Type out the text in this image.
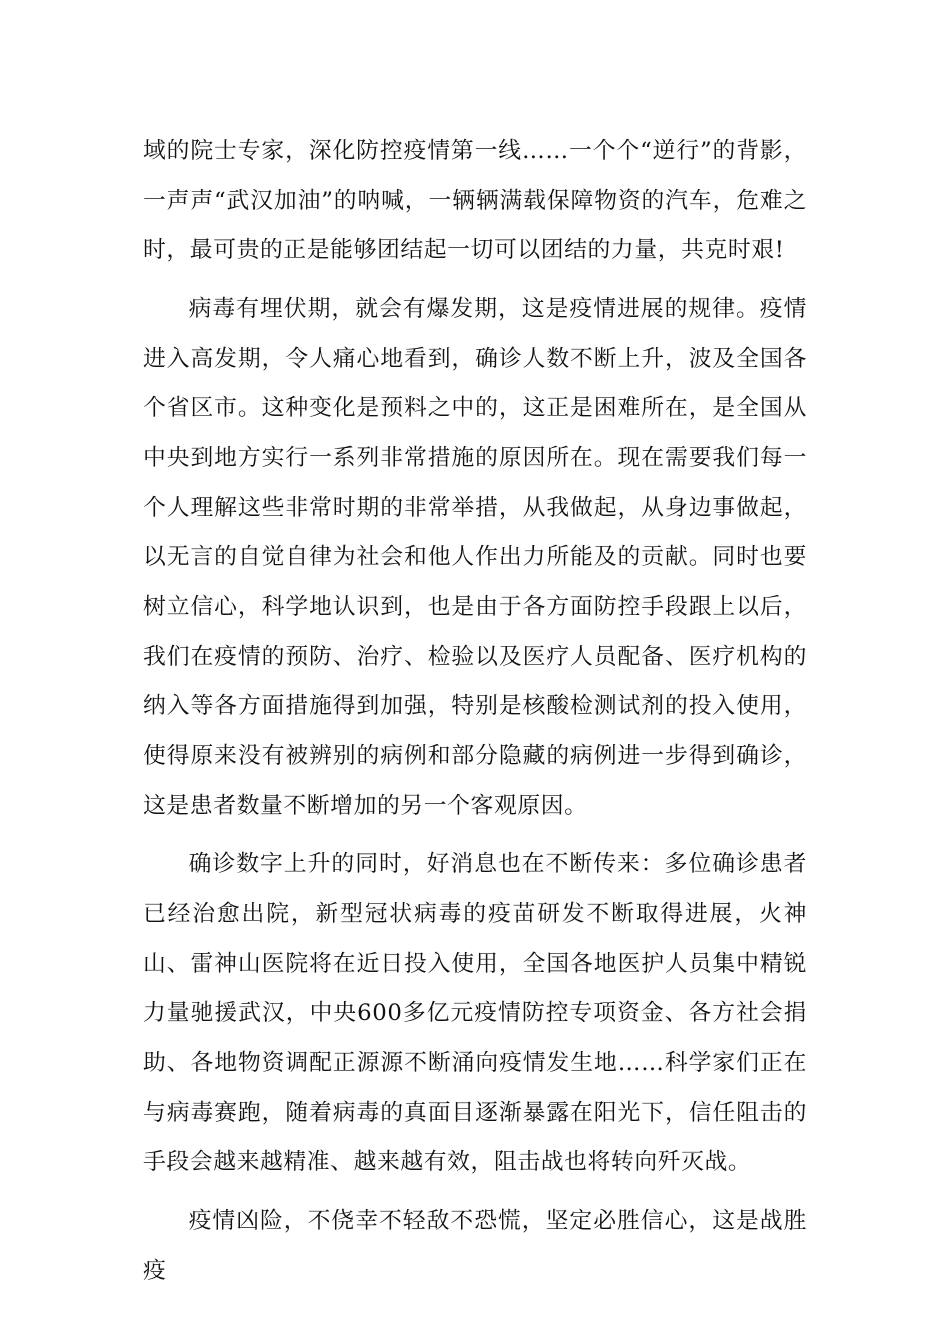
域的院士专家，深化防控疫情第一线……一个个“逆行”的背影，一声声“武汉加油”的呐喊，一辆辆满载保障物资的汽车，危难之时，最可贵的正是能够团结起一切可以团结的力量，共克时艰!

病毒有埋伏期，就会有爆发期，这是疫情进展的规律。疫情进入高发期，令人痛心地看到，确诊人数不断上升，波及全国各个省区市。这种变化是预料之中的，这正是困难所在，是全国从中央到地方实行一系列非常措施的原因所在。现在需要我们每一个人理解这些非常时期的非常举措，从我做起，从身边事做起，以无言的自觉自律为社会和他人作出力所能及的贡献。同时也要树立信心，科学地认识到，也是由于各方面防控手段跟上以后，我们在疫情的预防、治疗、检验以及医疗人员配备、医疗机构的纳入等各方面措施得到加强，特别是核酸检测试剂的投入使用，使得原来没有被辨别的病例和部分隐藏的病例进一步得到确诊，这是患者数量不断增加的另一个客观原因。

确诊数字上升的同时，好消息也在不断传来：多位确诊患者已经治愈出院，新型冠状病毒的疫苗研发不断取得进展，火神山、雷神山医院将在近日投入使用，全国各地医护人员集中精锐力量驰援武汉，中央600多亿元疫情防控专项资金、各方社会捐助、各地物资调配正源源不断涌向疫情发生地……科学家们正在与病毒赛跑，随着病毒的真面目逐渐暴露在阳光下，信任阻击的手段会越来越精准、越来越有效，阻击战也将转向歼灭战。

疫情凶险，不侥幸不轻敌不恐慌，坚定必胜信心，这是战胜疫
